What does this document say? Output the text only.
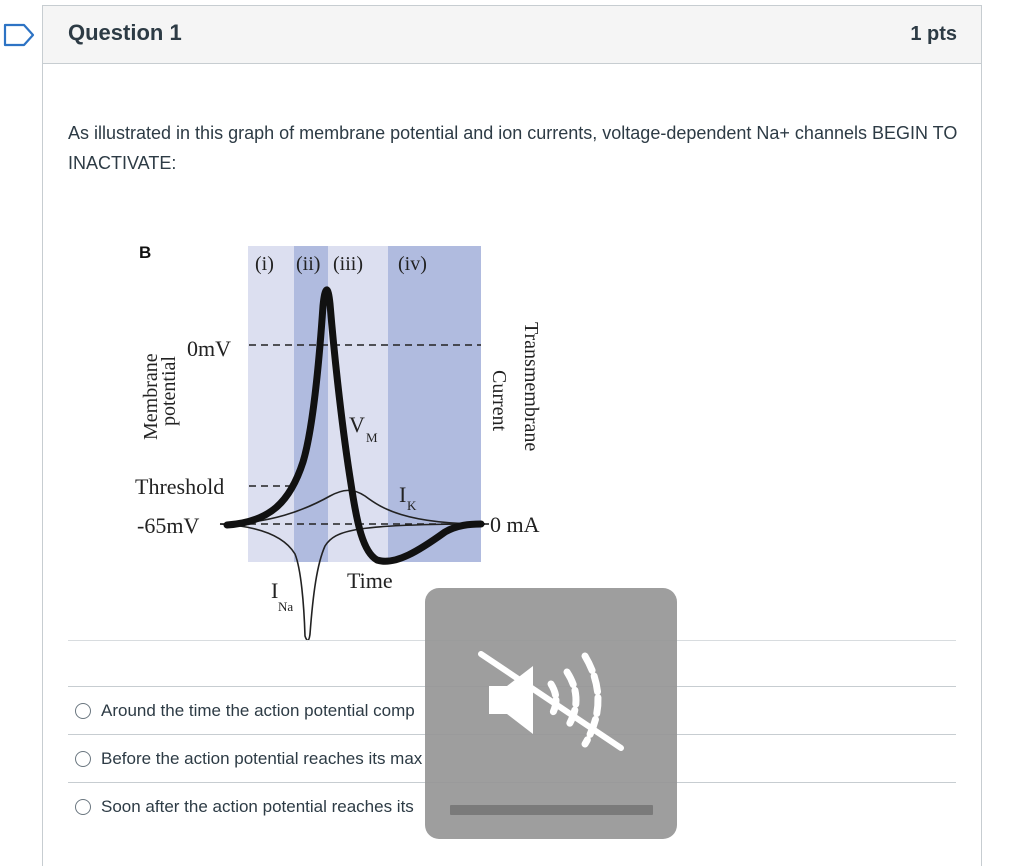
Question 1	1 pts
As illustrated in this graph of membrane potential and ion currents, voltage-dependent Na+ channels BEGIN TO INACTIVATE:
B
(i) (ii) (iii) (iv)
0mV
Threshold
-65mV
Membrane
potential	Transmembrane
Current
0 mA
V
M
I K
I
Na
Time
Around the time the action potential comp
Before the action potential reaches its max
Soon after the action potential reaches its
